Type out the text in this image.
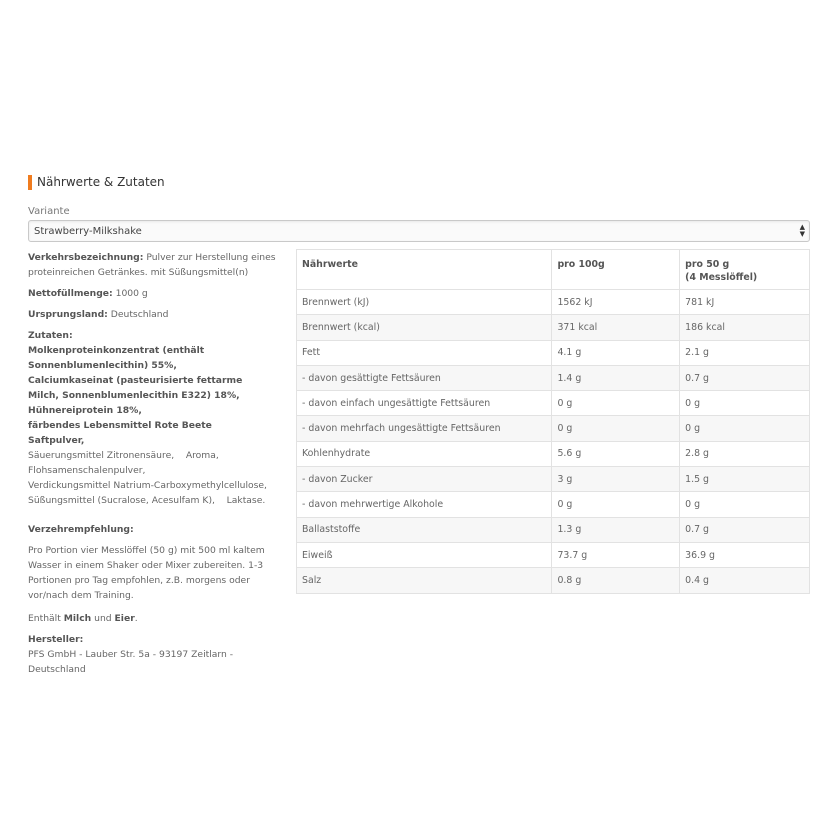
Nährwerte & Zutaten
Variante
Strawberry-Milkshake	▲
▼
Verkehrsbezeichnung: Pulver zur Herstellung eines proteinreichen Getränkes. mit Süßungsmittel(n)
Nettofüllmenge: 1000 g
Ursprungsland: Deutschland
Zutaten:
Molkenproteinkonzentrat (enthält
Sonnenblumenlecithin) 55%,
Calciumkaseinat (pasteurisierte fettarme
Milch, Sonnenblumenlecithin E322) 18%,
Hühnereiprotein 18%,
färbendes Lebensmittel Rote Beete
Saftpulver,
Säuerungsmittel Zitronensäure,    Aroma,
Flohsamenschalenpulver,
Verdickungsmittel Natrium-Carboxymethylcellulose,
Süßungsmittel (Sucralose, Acesulfam K),    Laktase.
Verzehrempfehlung:
Pro Portion vier Messlöffel (50 g) mit 500 ml kaltem
Wasser in einem Shaker oder Mixer zubereiten. 1-3
Portionen pro Tag empfohlen, z.B. morgens oder
vor/nach dem Training.
Enthält Milch und Eier.
Hersteller:
PFS GmbH - Lauber Str. 5a - 93197 Zeitlarn - Deutschland
Nährwerte	pro 100g	pro 50 g
(4 Messlöffel)
Brennwert (kJ)	1562 kJ	781 kJ
Brennwert (kcal)	371 kcal	186 kcal
Fett	4.1 g	2.1 g
- davon gesättigte Fettsäuren	1.4 g	0.7 g
- davon einfach ungesättigte Fettsäuren	0 g	0 g
- davon mehrfach ungesättigte Fettsäuren	0 g	0 g
Kohlenhydrate	5.6 g	2.8 g
- davon Zucker	3 g	1.5 g
- davon mehrwertige Alkohole	0 g	0 g
Ballaststoffe	1.3 g	0.7 g
Eiweiß	73.7 g	36.9 g
Salz	0.8 g	0.4 g
